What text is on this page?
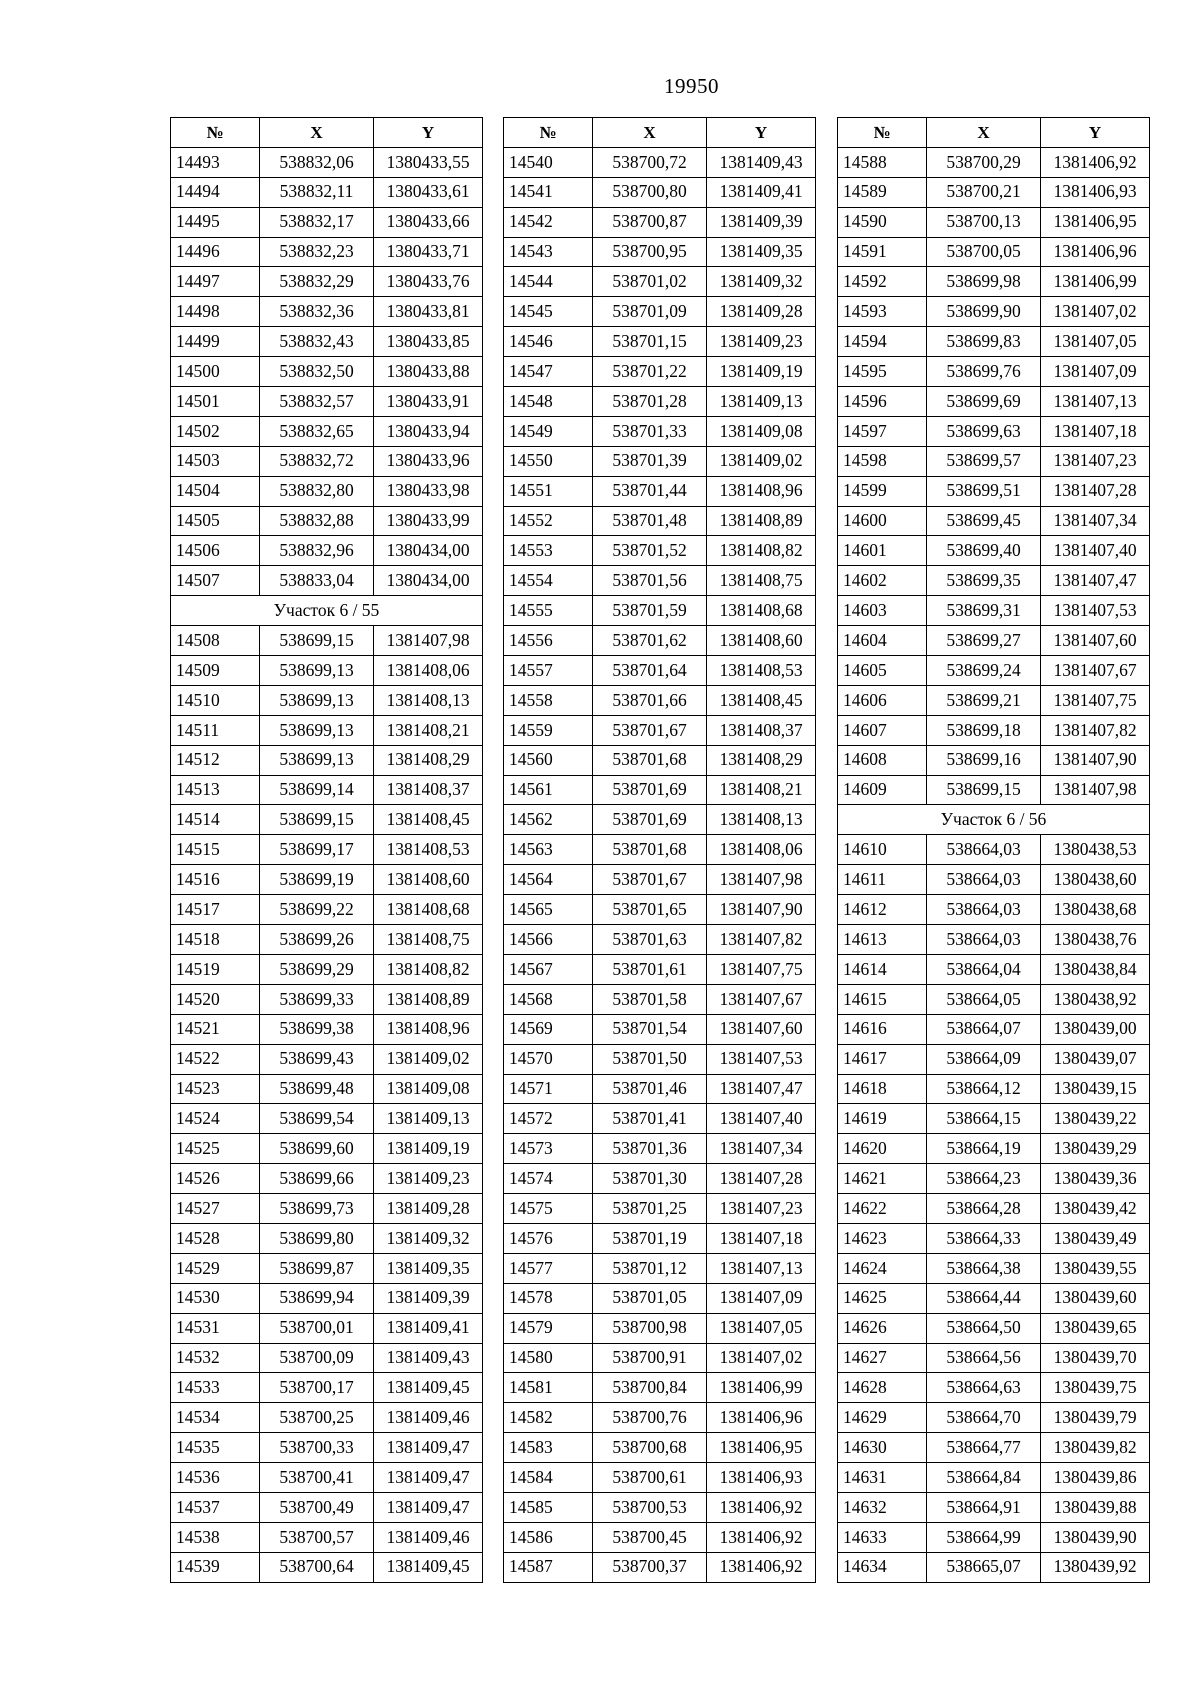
19950
№	X	Y
14493	538832,06	1380433,55
14494	538832,11	1380433,61
14495	538832,17	1380433,66
14496	538832,23	1380433,71
14497	538832,29	1380433,76
14498	538832,36	1380433,81
14499	538832,43	1380433,85
14500	538832,50	1380433,88
14501	538832,57	1380433,91
14502	538832,65	1380433,94
14503	538832,72	1380433,96
14504	538832,80	1380433,98
14505	538832,88	1380433,99
14506	538832,96	1380434,00
14507	538833,04	1380434,00
Участок 6 / 55		
14508	538699,15	1381407,98
14509	538699,13	1381408,06
14510	538699,13	1381408,13
14511	538699,13	1381408,21
14512	538699,13	1381408,29
14513	538699,14	1381408,37
14514	538699,15	1381408,45
14515	538699,17	1381408,53
14516	538699,19	1381408,60
14517	538699,22	1381408,68
14518	538699,26	1381408,75
14519	538699,29	1381408,82
14520	538699,33	1381408,89
14521	538699,38	1381408,96
14522	538699,43	1381409,02
14523	538699,48	1381409,08
14524	538699,54	1381409,13
14525	538699,60	1381409,19
14526	538699,66	1381409,23
14527	538699,73	1381409,28
14528	538699,80	1381409,32
14529	538699,87	1381409,35
14530	538699,94	1381409,39
14531	538700,01	1381409,41
14532	538700,09	1381409,43
14533	538700,17	1381409,45
14534	538700,25	1381409,46
14535	538700,33	1381409,47
14536	538700,41	1381409,47
14537	538700,49	1381409,47
14538	538700,57	1381409,46
14539	538700,64	1381409,45
№	X	Y
14540	538700,72	1381409,43
14541	538700,80	1381409,41
14542	538700,87	1381409,39
14543	538700,95	1381409,35
14544	538701,02	1381409,32
14545	538701,09	1381409,28
14546	538701,15	1381409,23
14547	538701,22	1381409,19
14548	538701,28	1381409,13
14549	538701,33	1381409,08
14550	538701,39	1381409,02
14551	538701,44	1381408,96
14552	538701,48	1381408,89
14553	538701,52	1381408,82
14554	538701,56	1381408,75
14555	538701,59	1381408,68
14556	538701,62	1381408,60
14557	538701,64	1381408,53
14558	538701,66	1381408,45
14559	538701,67	1381408,37
14560	538701,68	1381408,29
14561	538701,69	1381408,21
14562	538701,69	1381408,13
14563	538701,68	1381408,06
14564	538701,67	1381407,98
14565	538701,65	1381407,90
14566	538701,63	1381407,82
14567	538701,61	1381407,75
14568	538701,58	1381407,67
14569	538701,54	1381407,60
14570	538701,50	1381407,53
14571	538701,46	1381407,47
14572	538701,41	1381407,40
14573	538701,36	1381407,34
14574	538701,30	1381407,28
14575	538701,25	1381407,23
14576	538701,19	1381407,18
14577	538701,12	1381407,13
14578	538701,05	1381407,09
14579	538700,98	1381407,05
14580	538700,91	1381407,02
14581	538700,84	1381406,99
14582	538700,76	1381406,96
14583	538700,68	1381406,95
14584	538700,61	1381406,93
14585	538700,53	1381406,92
14586	538700,45	1381406,92
14587	538700,37	1381406,92
№	X	Y
14588	538700,29	1381406,92
14589	538700,21	1381406,93
14590	538700,13	1381406,95
14591	538700,05	1381406,96
14592	538699,98	1381406,99
14593	538699,90	1381407,02
14594	538699,83	1381407,05
14595	538699,76	1381407,09
14596	538699,69	1381407,13
14597	538699,63	1381407,18
14598	538699,57	1381407,23
14599	538699,51	1381407,28
14600	538699,45	1381407,34
14601	538699,40	1381407,40
14602	538699,35	1381407,47
14603	538699,31	1381407,53
14604	538699,27	1381407,60
14605	538699,24	1381407,67
14606	538699,21	1381407,75
14607	538699,18	1381407,82
14608	538699,16	1381407,90
14609	538699,15	1381407,98
Участок 6 / 56		
14610	538664,03	1380438,53
14611	538664,03	1380438,60
14612	538664,03	1380438,68
14613	538664,03	1380438,76
14614	538664,04	1380438,84
14615	538664,05	1380438,92
14616	538664,07	1380439,00
14617	538664,09	1380439,07
14618	538664,12	1380439,15
14619	538664,15	1380439,22
14620	538664,19	1380439,29
14621	538664,23	1380439,36
14622	538664,28	1380439,42
14623	538664,33	1380439,49
14624	538664,38	1380439,55
14625	538664,44	1380439,60
14626	538664,50	1380439,65
14627	538664,56	1380439,70
14628	538664,63	1380439,75
14629	538664,70	1380439,79
14630	538664,77	1380439,82
14631	538664,84	1380439,86
14632	538664,91	1380439,88
14633	538664,99	1380439,90
14634	538665,07	1380439,92
